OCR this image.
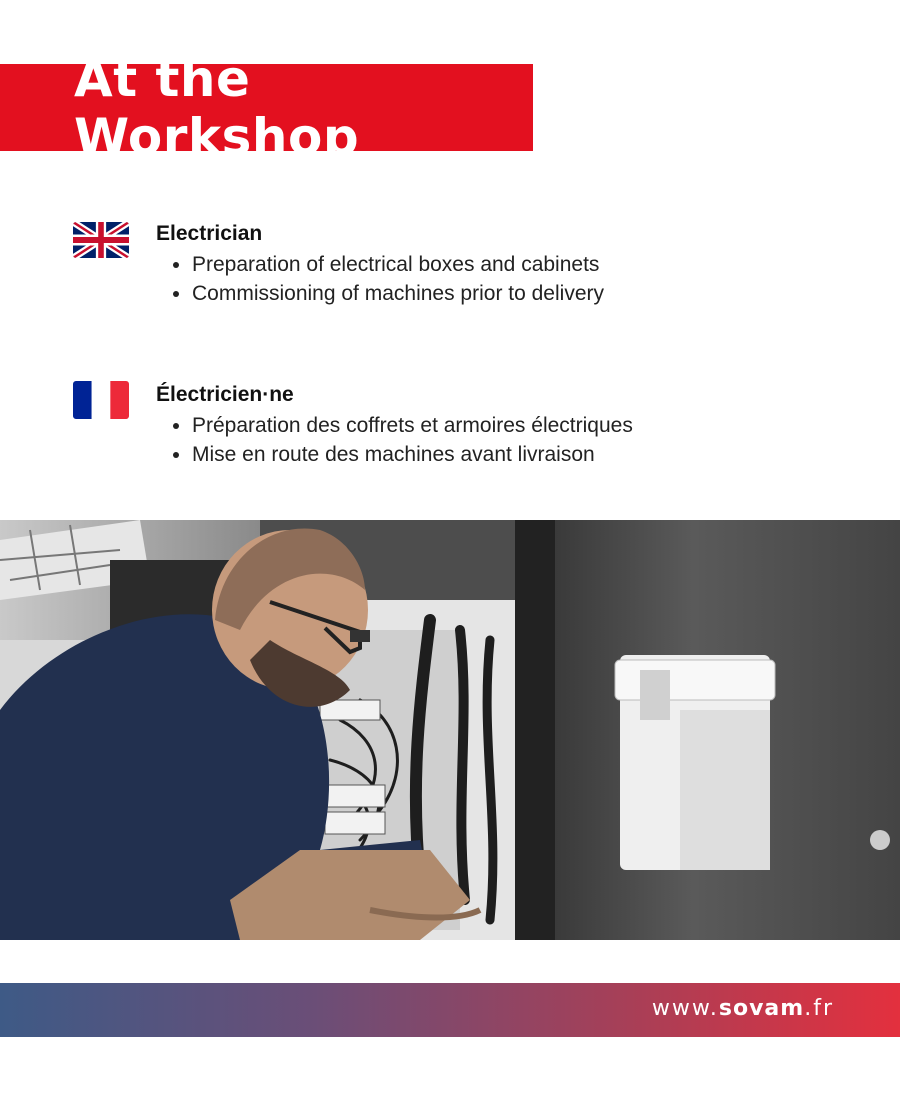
At the Workshop
Electrician
• Preparation of electrical boxes and cabinets
• Commissioning of machines prior to delivery
Électricien·ne
• Préparation des coffrets et armoires électriques
• Mise en route des machines avant livraison
www.sovam.fr
